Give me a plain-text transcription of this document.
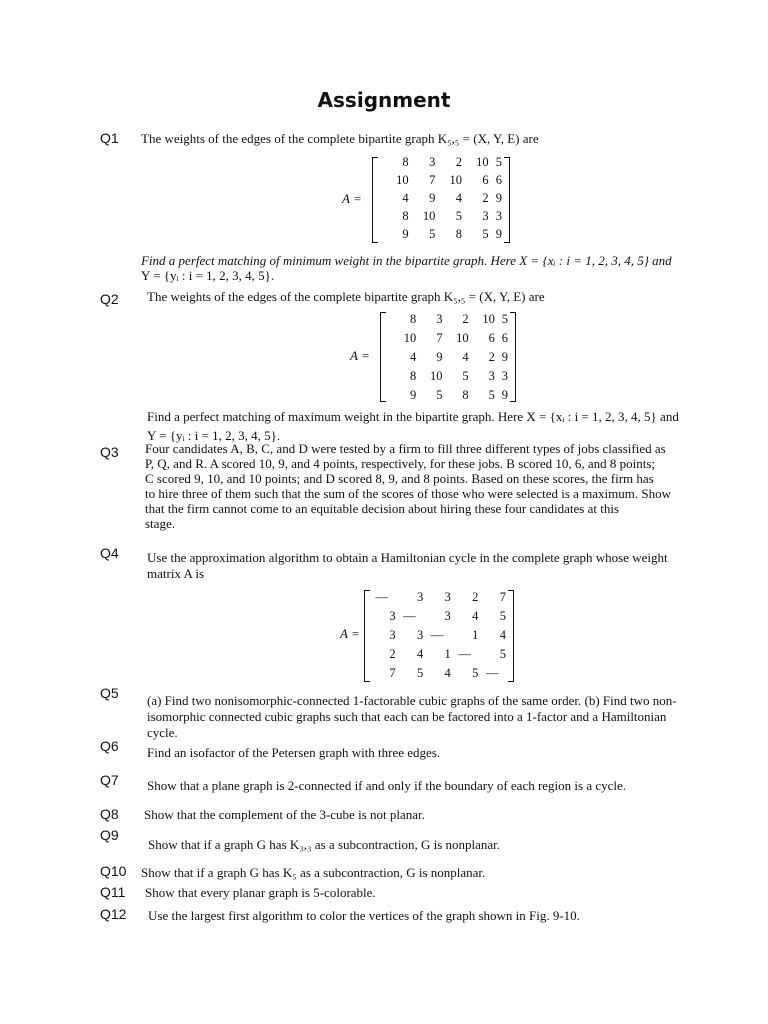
Assignment
Q1 The weights of the edges of the complete bipartite graph K₅,₅ = (X, Y, E) are
A =
8	3	2	10	5
10	7	10	6	6
4	9	4	2	9
8	10	5	3	3
9	5	8	5	9
Find a perfect matching of minimum weight in the bipartite graph. Here X = {xᵢ : i = 1, 2, 3, 4, 5} and
Y = {yᵢ : i = 1, 2, 3, 4, 5}.
Q2 The weights of the edges of the complete bipartite graph K₅,₅ = (X, Y, E) are
A =
8	3	2	10	5
10	7	10	6	6
4	9	4	2	9
8	10	5	3	3
9	5	8	5	9
Find a perfect matching of maximum weight in the bipartite graph. Here X = {xᵢ : i = 1, 2, 3, 4, 5} and
Y = {yᵢ : i = 1, 2, 3, 4, 5}.
Q3 Four candidates A, B, C, and D were tested by a firm to fill three different types of jobs classified as
P, Q, and R. A scored 10, 9, and 4 points, respectively, for these jobs. B scored 10, 6, and 8 points;
C scored 9, 10, and 10 points; and D scored 8, 9, and 8 points. Based on these scores, the firm has
to hire three of them such that the sum of the scores of those who were selected is a maximum. Show
that the firm cannot come to an equitable decision about hiring these four candidates at this
stage.
Q4 Use the approximation algorithm to obtain a Hamiltonian cycle in the complete graph whose weight
matrix A is
A =
—	3	3	2	7
3	—	3	4	5
3	3	—	1	4
2	4	1	—	5
7	5	4	5	—
Q5 (a) Find two nonisomorphic-connected 1-factorable cubic graphs of the same order. (b) Find two non-
isomorphic connected cubic graphs such that each can be factored into a 1-factor and a Hamiltonian
cycle.
Q6 Find an isofactor of the Petersen graph with three edges.
Q7 Show that a plane graph is 2-connected if and only if the boundary of each region is a cycle.
Q8 Show that the complement of the 3-cube is not planar.
Q9
Show that if a graph G has K₃,₃ as a subcontraction, G is nonplanar.
Q10 Show that if a graph G has K₅ as a subcontraction, G is nonplanar.
Q11 Show that every planar graph is 5-colorable.
Q12 Use the largest first algorithm to color the vertices of the graph shown in Fig. 9-10.
